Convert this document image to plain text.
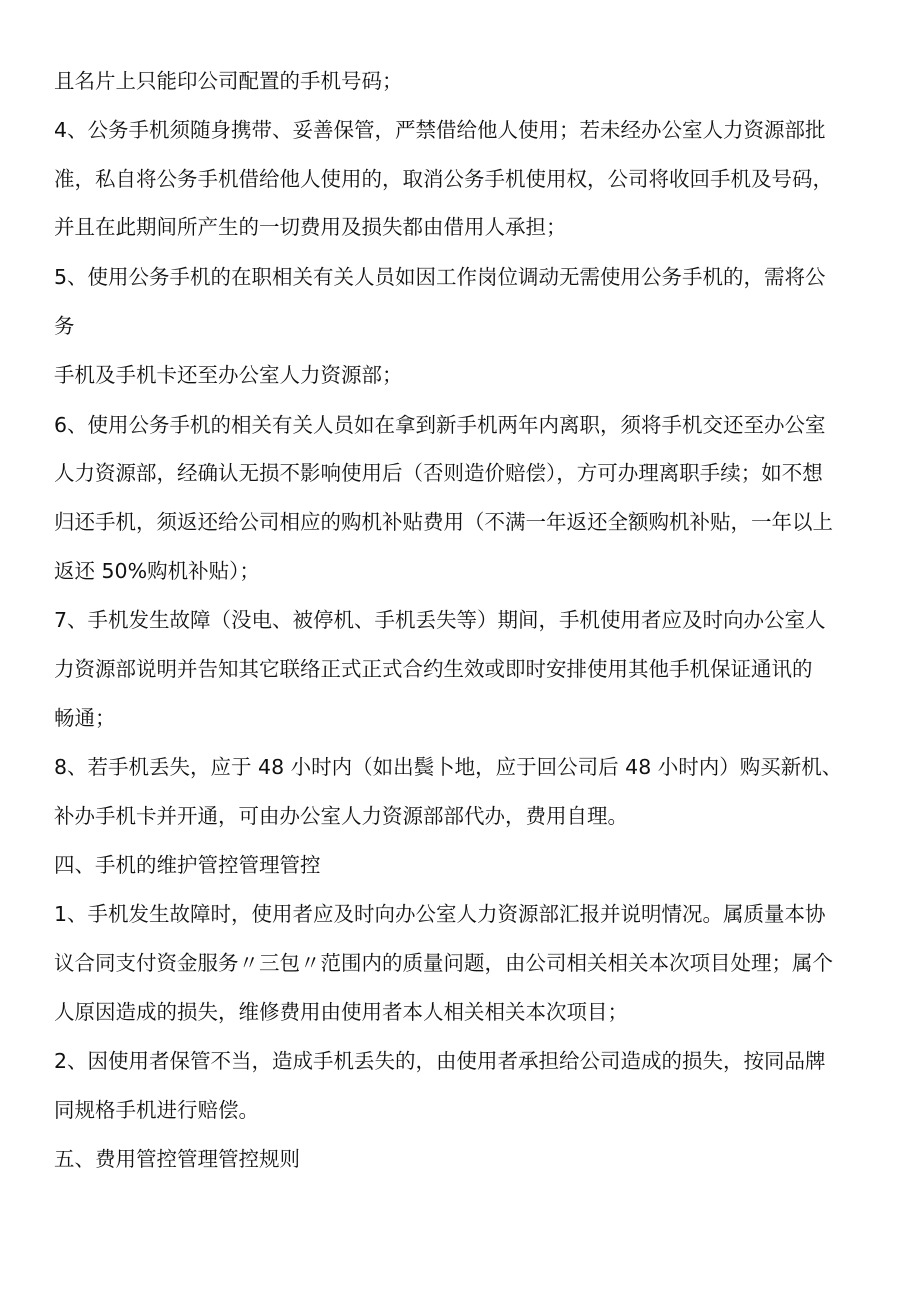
且名片上只能印公司配置的手机号码；

4、公务手机须随身携带、妥善保管，严禁借给他人使用；若未经办公室人力资源部批

准，私自将公务手机借给他人使用的，取消公务手机使用权，公司将收回手机及号码，

并且在此期间所产生的一切费用及损失都由借用人承担；

5、使用公务手机的在职相关有关人员如因工作岗位调动无需使用公务手机的，需将公

务

手机及手机卡还至办公室人力资源部；

6、使用公务手机的相关有关人员如在拿到新手机两年内离职，须将手机交还至办公室

人力资源部，经确认无损不影响使用后（否则造价赔偿），方可办理离职手续；如不想

归还手机，须返还给公司相应的购机补贴费用（不满一年返还全额购机补贴，一年以上

返还 50%购机补贴）；

7、手机发生故障（没电、被停机、手机丢失等）期间，手机使用者应及时向办公室人

力资源部说明并告知其它联络正式正式合约生效或即时安排使用其他手机保证通讯的

畅通；

8、若手机丢失，应于 48 小时内（如出鬓卜地，应于回公司后 48 小时内）购买新机、

补办手机卡并开通，可由办公室人力资源部部代办，费用自理。

四、手机的维护管控管理管控

1、手机发生故障时，使用者应及时向办公室人力资源部汇报并说明情况。属质量本协

议合同支付资金服务〃三包〃范围内的质量问题，由公司相关相关本次项目处理；属个

人原因造成的损失，维修费用由使用者本人相关相关本次项目；

2、因使用者保管不当，造成手机丢失的，由使用者承担给公司造成的损失，按同品牌

同规格手机进行赔偿。

五、费用管控管理管控规则
